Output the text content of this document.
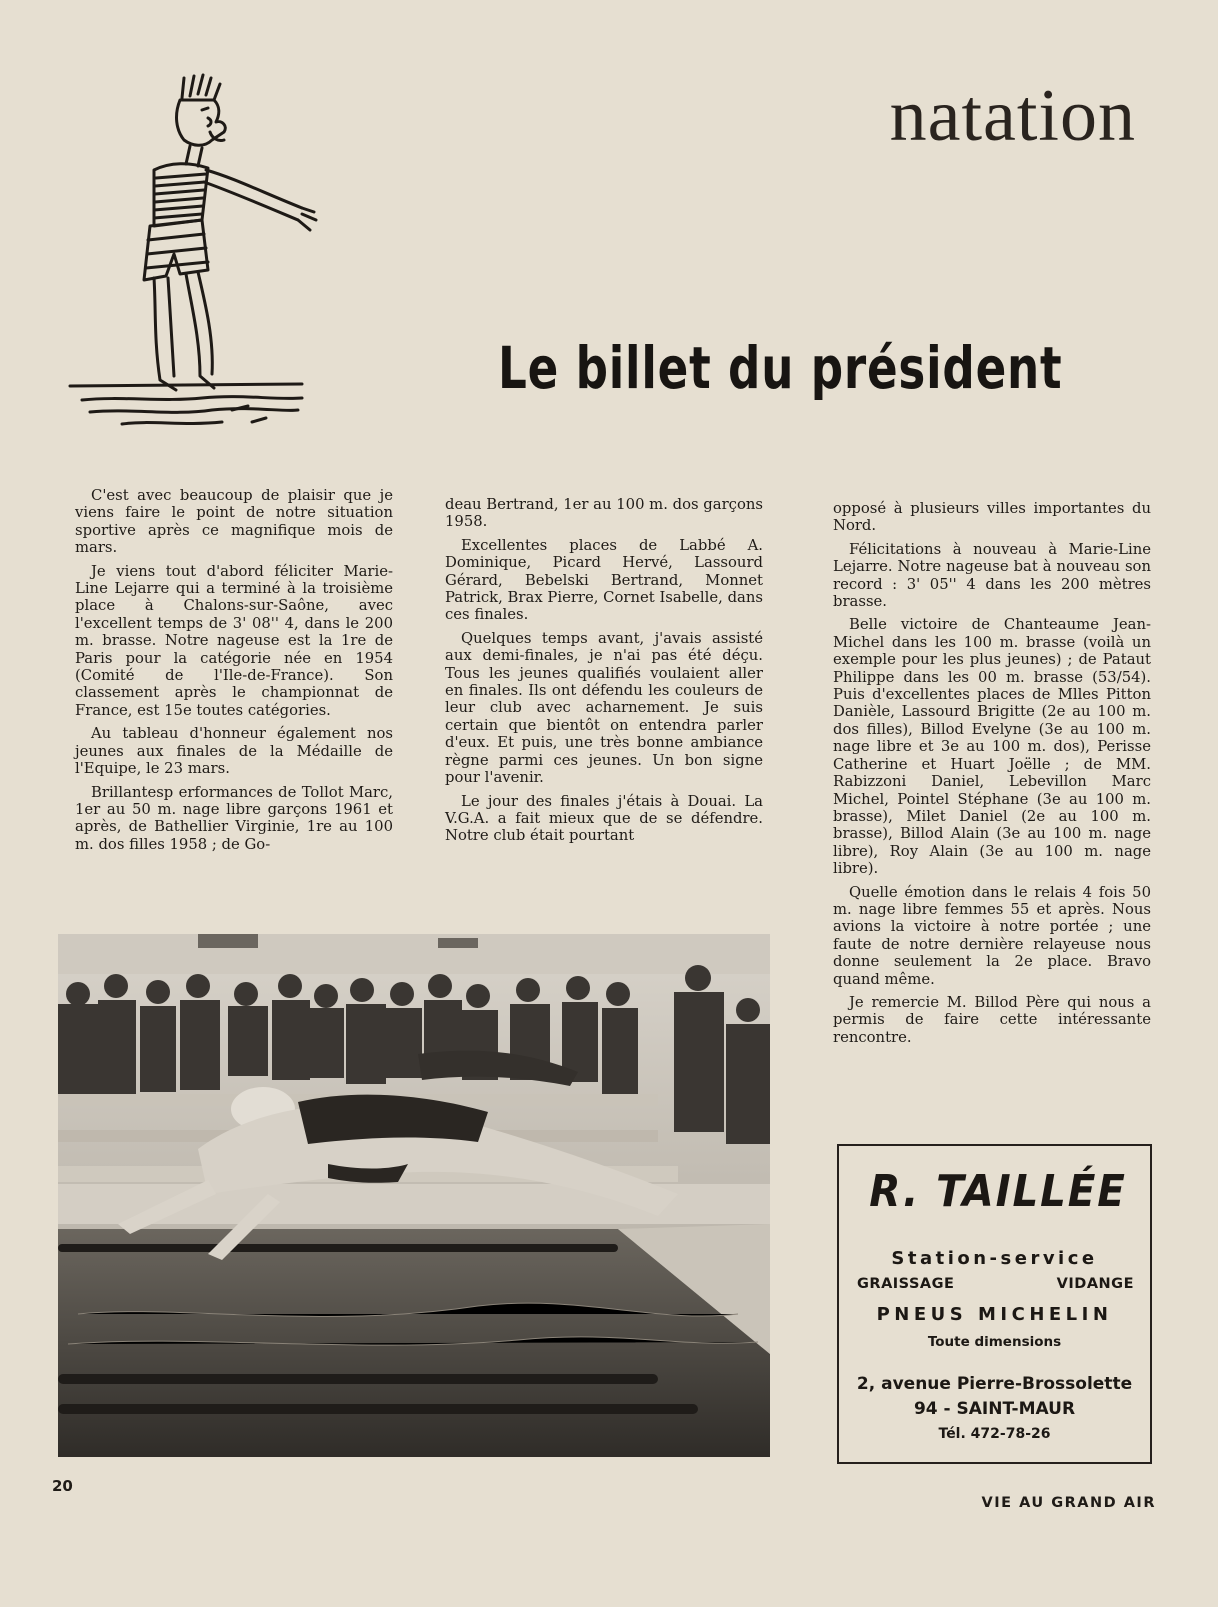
natation
Le billet du président

C'est avec beaucoup de plaisir que je viens faire le point de notre situation sportive après ce magnifique mois de mars.

Je viens tout d'abord féliciter Marie-Line Lejarre qui a terminé à la troisième place à Chalons-sur-Saône, avec l'excellent temps de 3' 08'' 4, dans le 200 m. brasse. Notre nageuse est la 1re de Paris pour la catégorie née en 1954 (Comité de l'Ile-de-France). Son classement après le championnat de France, est 15e toutes catégories.

Au tableau d'honneur également nos jeunes aux finales de la Médaille de l'Equipe, le 23 mars.

Brillantesp erformances de Tollot Marc, 1er au 50 m. nage libre garçons 1961 et après, de Bathellier Virginie, 1re au 100 m. dos filles 1958 ; de Go-

deau Bertrand, 1er au 100 m. dos garçons 1958.

Excellentes places de Labbé A. Dominique, Picard Hervé, Lassourd Gérard, Bebelski Bertrand, Monnet Patrick, Brax Pierre, Cornet Isabelle, dans ces finales.

Quelques temps avant, j'avais assisté aux demi-finales, je n'ai pas été déçu. Tous les jeunes qualifiés voulaient aller en finales. Ils ont défendu les couleurs de leur club avec acharnement. Je suis certain que bientôt on entendra parler d'eux. Et puis, une très bonne ambiance règne parmi ces jeunes. Un bon signe pour l'avenir.

Le jour des finales j'étais à Douai. La V.G.A. a fait mieux que de se défendre. Notre club était pourtant

opposé à plusieurs villes importantes du Nord.

Félicitations à nouveau à Marie-Line Lejarre. Notre nageuse bat à nouveau son record : 3' 05'' 4 dans les 200 mètres brasse.

Belle victoire de Chanteaume Jean-Michel dans les 100 m. brasse (voilà un exemple pour les plus jeunes) ; de Pataut Philippe dans les 00 m. brasse (53/54). Puis d'excellentes places de Mlles Pitton Danièle, Lassourd Brigitte (2e au 100 m. dos filles), Billod Evelyne (3e au 100 m. nage libre et 3e au 100 m. dos), Perisse Catherine et Huart Joëlle ; de MM. Rabizzoni Daniel, Lebevillon Marc Michel, Pointel Stéphane (3e au 100 m. brasse), Milet Daniel (2e au 100 m. brasse), Billod Alain (3e au 100 m. nage libre), Roy Alain (3e au 100 m. nage libre).

Quelle émotion dans le relais 4 fois 50 m. nage libre femmes 55 et après. Nous avions la victoire à notre portée ; une faute de notre dernière relayeuse nous donne seulement la 2e place. Bravo quand même.

Je remercie M. Billod Père qui nous a permis de faire cette intéressante rencontre.

R. TAILLÉE
Station-service
GRAISSAGE	VIDANGE
PNEUS MICHELIN
Toute dimensions
2, avenue Pierre-Brossolette
94 - SAINT-MAUR
Tél. 472-78-26
20
VIE AU GRAND AIR
